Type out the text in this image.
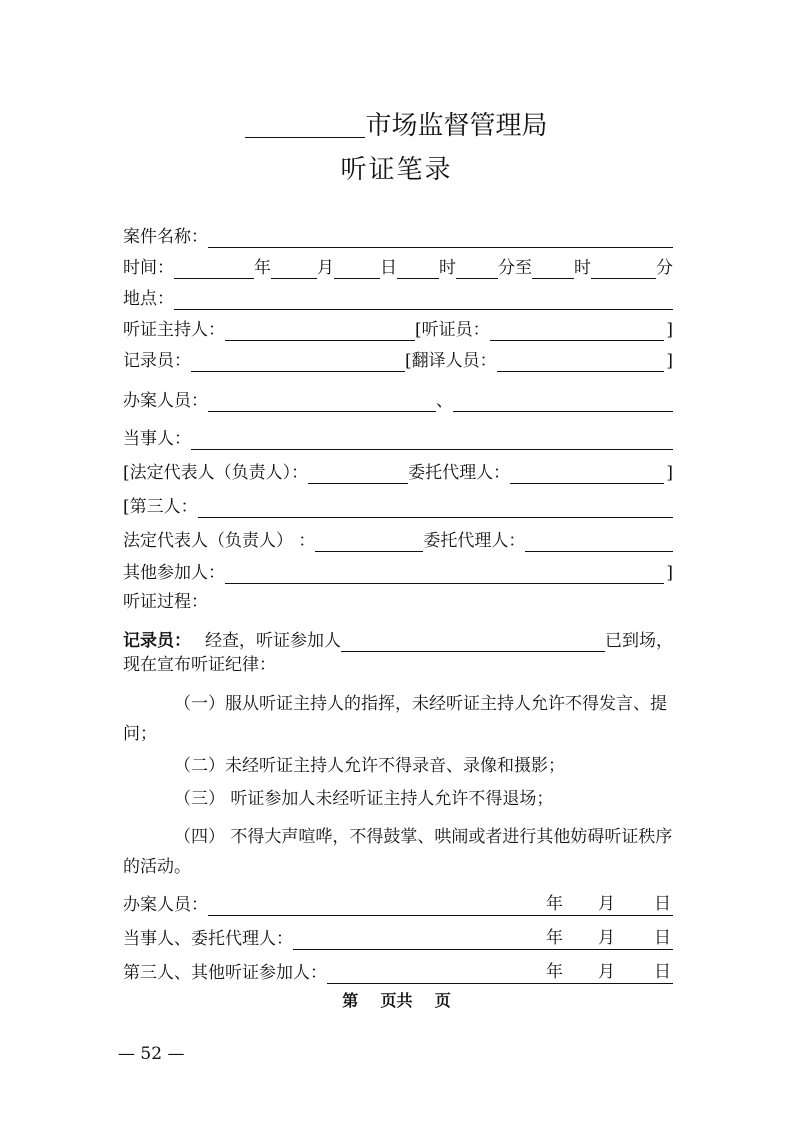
市场监督管理局
听证笔录
案件名称：
时间：	年	月	日 时 分至 时	分
地点：
听证主持人：	[听证员：	]
记录员：	[翻译人员：	]
办案人员：	、
当事人：
[法定代表人（负责人）：	委托代理人：	]
[第三人：
法定代表人（负责人） ：	委托代理人：
其他参加人：	]
听证过程：
记录员： 经查，听证参加人	已到场，
现在宣布听证纪律：
（一）服从听证主持人的指挥，未经听证主持人允许不得发言、提问；
（二）未经听证主持人允许不得录音、录像和摄影；
（三） 听证参加人未经听证主持人允许不得退场；
（四） 不得大声喧哗，不得鼓掌、哄闹或者进行其他妨碍听证秩序的活动。
办案人员：	年 月 日
当事人、委托代理人：	年 月 日
第三人、其他听证参加人：	年 月 日
第    页共    页
— 52 —
